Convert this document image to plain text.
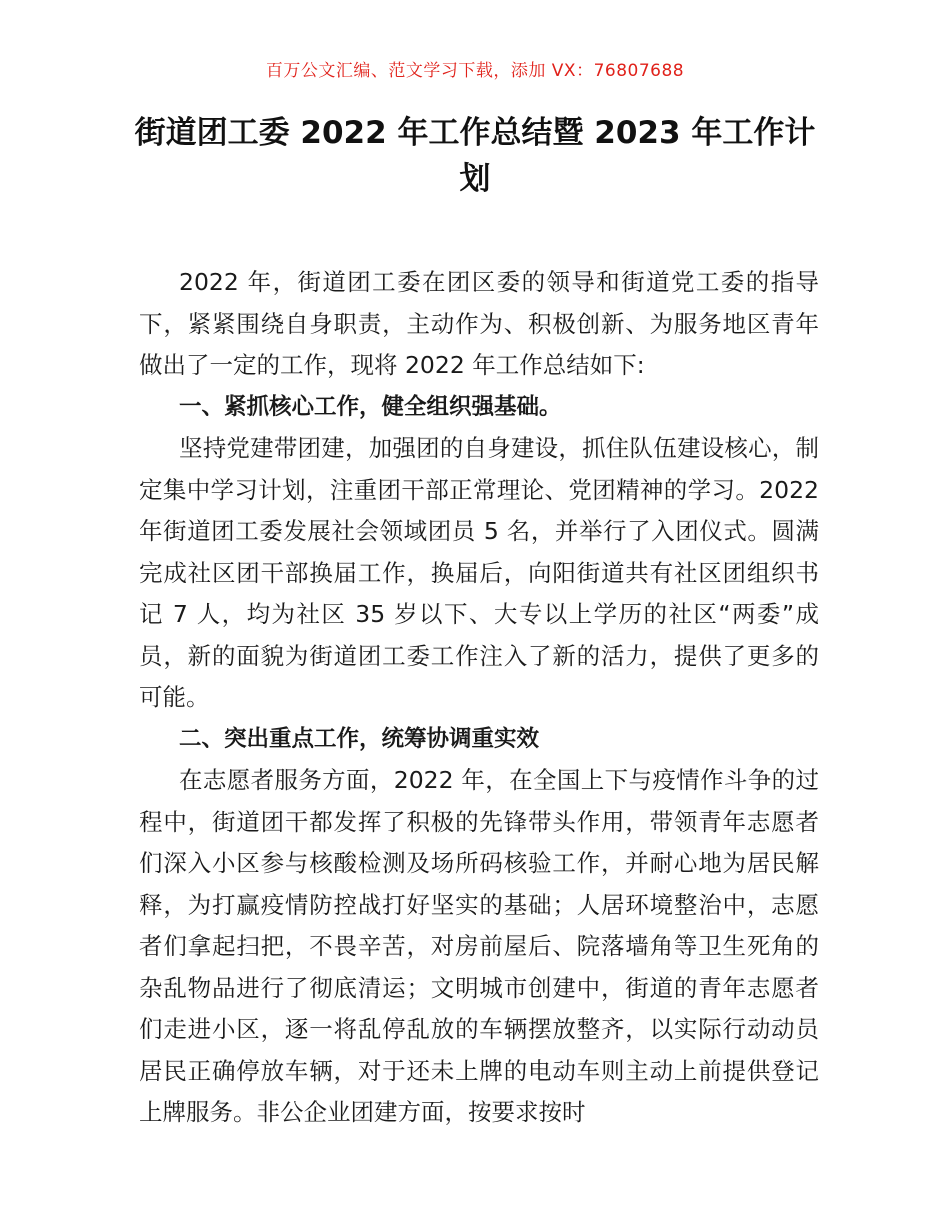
百万公文汇编、范文学习下载，添加 VX：76807688
街道团工委 2022 年工作总结暨 2023 年工作计划

2022 年，街道团工委在团区委的领导和街道党工委的指导下，紧紧围绕自身职责，主动作为、积极创新、为服务地区青年做出了一定的工作，现将 2022 年工作总结如下:

一、紧抓核心工作，健全组织强基础。

坚持党建带团建，加强团的自身建设，抓住队伍建设核心，制定集中学习计划，注重团干部正常理论、党团精神的学习。2022 年街道团工委发展社会领域团员 5 名，并举行了入团仪式。圆满完成社区团干部换届工作，换届后，向阳街道共有社区团组织书记 7 人，均为社区 35 岁以下、大专以上学历的社区“两委”成员，新的面貌为街道团工委工作注入了新的活力，提供了更多的可能。

二、突出重点工作，统筹协调重实效

在志愿者服务方面，2022 年，在全国上下与疫情作斗争的过程中，街道团干都发挥了积极的先锋带头作用，带领青年志愿者们深入小区参与核酸检测及场所码核验工作，并耐心地为居民解释，为打赢疫情防控战打好坚实的基础；人居环境整治中，志愿者们拿起扫把，不畏辛苦，对房前屋后、院落墙角等卫生死角的杂乱物品进行了彻底清运；文明城市创建中，街道的青年志愿者们走进小区，逐一将乱停乱放的车辆摆放整齐，以实际行动动员居民正确停放车辆，对于还未上牌的电动车则主动上前提供登记上牌服务。非公企业团建方面，按要求按时
